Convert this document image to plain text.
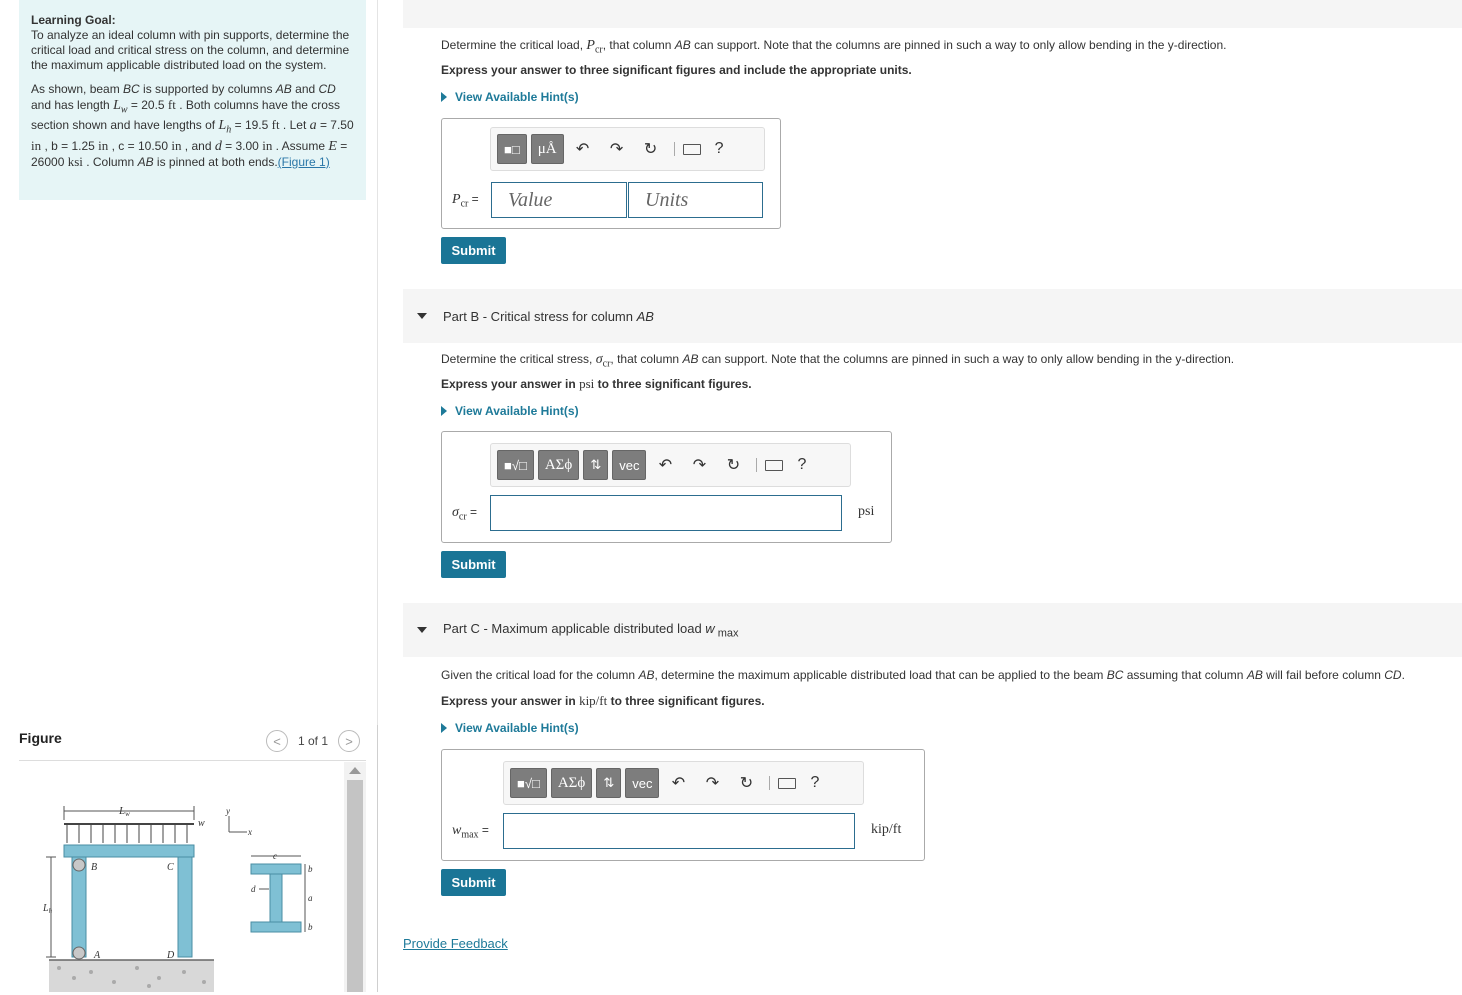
Learning Goal:

To analyze an ideal column with pin supports, determine the critical load and critical stress on the column, and determine the maximum applicable distributed load on the system.

As shown, beam BC is supported by columns AB and CD and has length $L_w = 20.5$ ft . Both columns have the cross section shown and have lengths of $L_h = 19.5$ ft . Let a = 7.50 in , b = 1.25 in , c = 10.50 in , and d = 3.00 in . Assume E = 26000 ksi . Column AB is pinned at both ends.(Figure 1)

Figure	< 1 of 1 >
Lw
w
B	C
A	D
$L_h$
y
x
c
b
a
b
d
Determine the critical load, $P_{cr}$, that column AB can support. Note that the columns are pinned in such a way to only allow bending in the y-direction.
Express your answer to three significant figures and include the appropriate units.
View Available Hint(s)
■□ μÅ ↶ ↷ ↻	?
$P_{cr}$ =	Value	Units
Submit
Part B - Critical stress for column AB
Determine the critical stress, $\sigma_{cr}$, that column AB can support. Note that the columns are pinned in such a way to only allow bending in the y-direction.
Express your answer in psi to three significant figures.
View Available Hint(s)
■√□ ΑΣϕ ⇅ vec ↶ ↷ ↻	?
$\sigma_{cr}$ =	psi
Submit
Part C - Maximum applicable distributed load w $_{max}$
Given the critical load for the column AB, determine the maximum applicable distributed load that can be applied to the beam BC assuming that column AB will fail before column CD.
Express your answer in kip/ft to three significant figures.
View Available Hint(s)
■√□ ΑΣϕ ⇅ vec ↶ ↷ ↻	?
$w_{max}$ =	kip/ft
Submit
Provide Feedback
